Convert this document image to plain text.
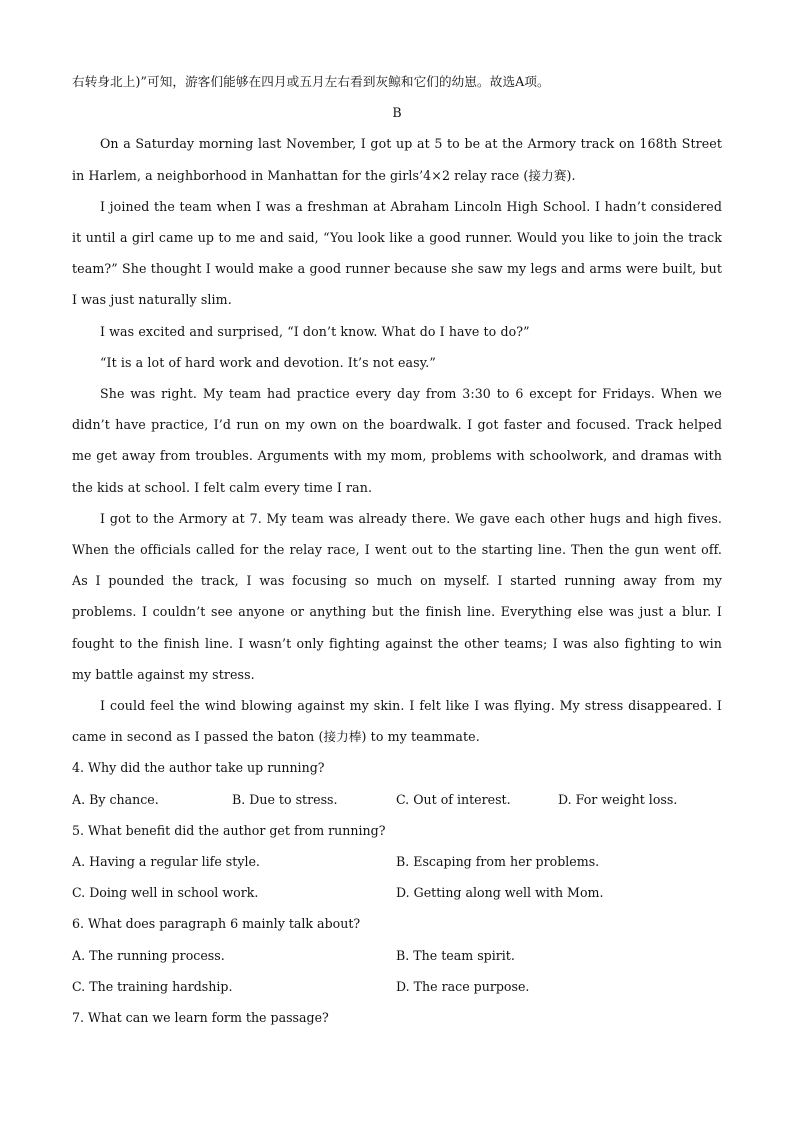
右转身北上)”可知，游客们能够在四月或五月左右看到灰鲸和它们的幼崽。故选A项。

B

On a Saturday morning last November, I got up at 5 to be at the Armory track on 168th Street in Harlem, a neighborhood in Manhattan for the girls’4×2 relay race (接力赛).

I joined the team when I was a freshman at Abraham Lincoln High School. I hadn’t considered it until a girl came up to me and said, “You look like a good runner. Would you like to join the track team?” She thought I would make a good runner because she saw my legs and arms were built, but I was just naturally slim.

I was excited and surprised, “I don’t know. What do I have to do?”

“It is a lot of hard work and devotion. It’s not easy.”

She was right. My team had practice every day from 3:30 to 6 except for Fridays. When we didn’t have practice, I’d run on my own on the boardwalk. I got faster and focused. Track helped me get away from troubles. Arguments with my mom, problems with schoolwork, and dramas with the kids at school. I felt calm every time I ran.

I got to the Armory at 7. My team was already there. We gave each other hugs and high fives. When the officials called for the relay race, I went out to the starting line. Then the gun went off. As I pounded the track, I was focusing so much on myself. I started running away from my problems. I couldn’t see anyone or anything but the finish line. Everything else was just a blur. I fought to the finish line. I wasn’t only fighting against the other teams; I was also fighting to win my battle against my stress.

I could feel the wind blowing against my skin. I felt like I was flying. My stress disappeared. I came in second as I passed the baton (接力棒) to my teammate.

4. Why did the author take up running?

A. By chance.	B. Due to stress.	C. Out of interest.	D. For weight loss.

5. What benefit did the author get from running?

A. Having a regular life style.	B. Escaping from her problems.
C. Doing well in school work.	D. Getting along well with Mom.

6. What does paragraph 6 mainly talk about?

A. The running process.	B. The team spirit.
C. The training hardship.	D. The race purpose.

7. What can we learn form the passage?
